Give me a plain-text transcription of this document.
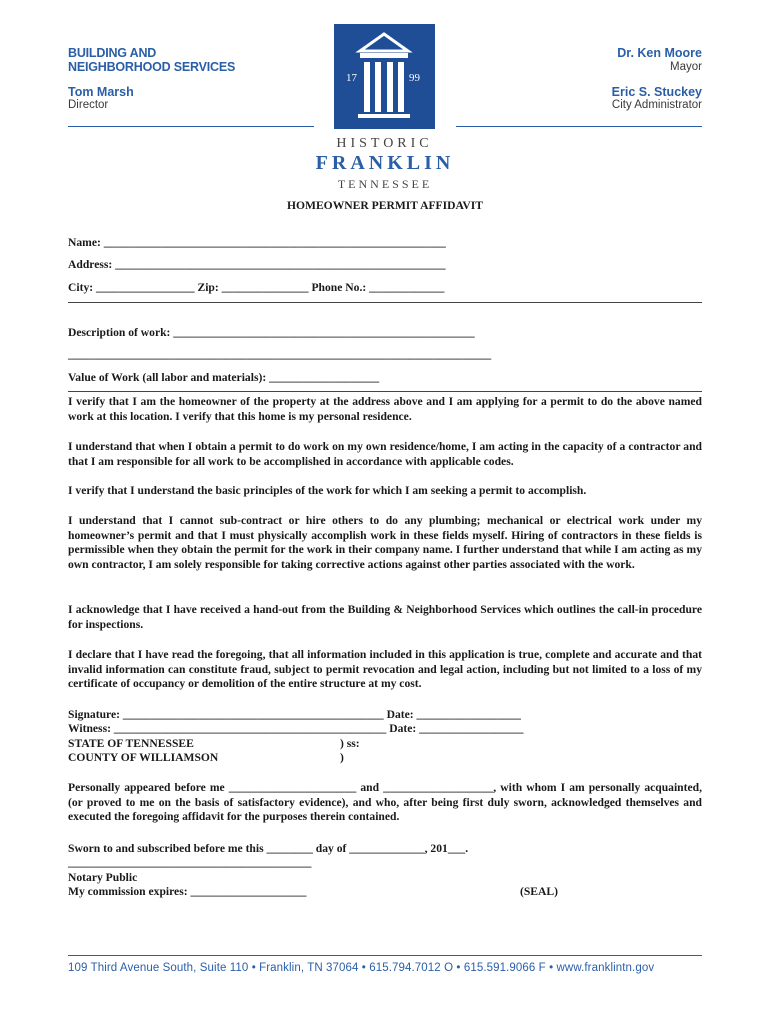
BUILDING AND
NEIGHBORHOOD SERVICES
Tom Marsh
Director
Dr. Ken Moore
Mayor
Eric S. Stuckey
City Administrator
17	99
HISTORIC
FRANKLIN
TENNESSEE
HOMEOWNER PERMIT AFFIDAVIT
Name: ___________________________________________________________
Address: _________________________________________________________
City: _________________ Zip: _______________ Phone No.: _____________
Description of work: ____________________________________________________
_________________________________________________________________________
Value of Work (all labor and materials): ___________________
I verify that I am the homeowner of the property at the address above and I am applying for a permit to do the above named work at this location. I verify that this home is my personal residence.
I understand that when I obtain a permit to do work on my own residence/home, I am acting in the capacity of a contractor and that I am responsible for all work to be accomplished in accordance with applicable codes.
I verify that I understand the basic principles of the work for which I am seeking a permit to accomplish.
I understand that I cannot sub-contract or hire others to do any plumbing; mechanical or electrical work under my homeowner’s permit and that I must physically accomplish work in these fields myself. Hiring of contractors in these fields is permissible when they obtain the permit for the work in their company name. I further understand that while I am acting as my own contractor, I am solely responsible for taking corrective actions against other parties associated with the work.
I acknowledge that I have received a hand-out from the Building & Neighborhood Services which outlines the call-in procedure for inspections.
I declare that I have read the foregoing, that all information included in this application is true, complete and accurate and that invalid information can constitute fraud, subject to permit revocation and legal action, including but not limited to a loss of my certificate of occupancy or demolition of the entire structure at my cost.
Signature: _____________________________________________ Date: __________________
Witness: _______________________________________________ Date: __________________
STATE OF TENNESSEE	) ss:
COUNTY OF WILLIAMSON	)
Personally appeared before me ______________________ and ___________________, with whom I am personally acquainted, (or proved to me on the basis of satisfactory evidence), and who, after being first duly sworn, acknowledged themselves and executed the foregoing affidavit for the purposes therein contained.
Sworn to and subscribed before me this ________ day of _____________, 201___.
__________________________________________
Notary Public
My commission expires: ____________________	(SEAL)
109 Third Avenue South, Suite 110 • Franklin, TN 37064 • 615.794.7012 O • 615.591.9066 F • www.franklintn.gov
